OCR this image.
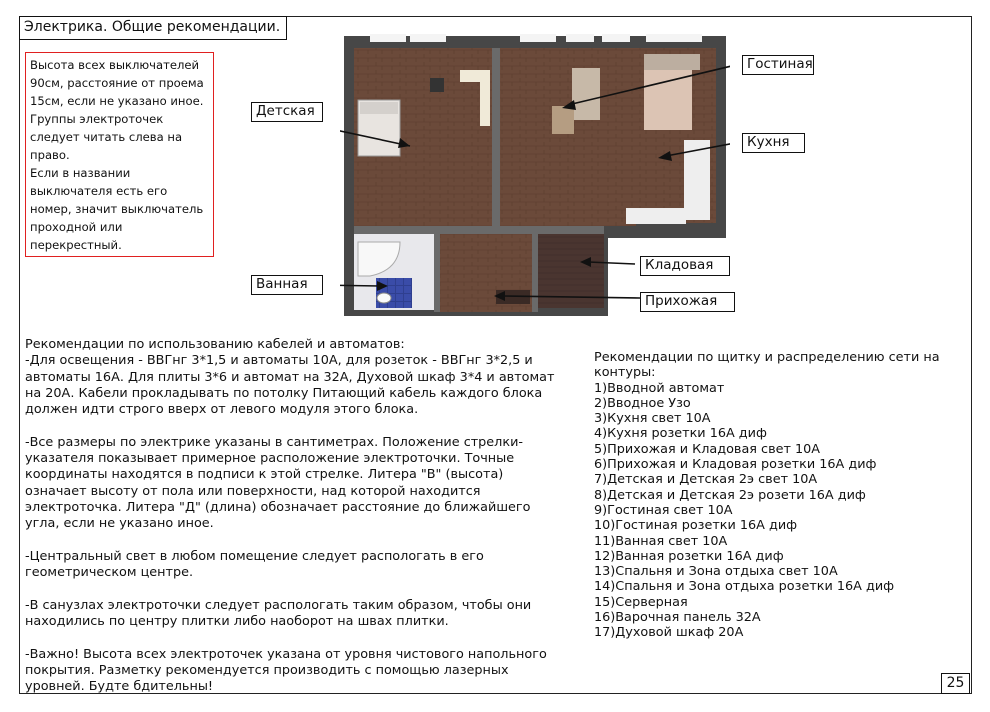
Электрика. Общие рекомендации.
Высота всех выключателей
90см, расстояние от проема
15см, если не указано иное.
Группы электроточек
следует читать слева на
право.
Если в названии
выключателя есть его
номер, значит выключатель
проходной или
перекрестный.
Гостиная
Детская
Кухня
Кладовая
Ванная
Прихожая
Рекомендации по использованию кабелей и автоматов:
-Для освещения - ВВГнг 3*1,5 и автоматы 10А, для розеток - ВВГнг 3*2,5 и
автоматы 16А. Для плиты 3*6 и автомат на 32А, Духовой шкаф 3*4 и автомат
на 20А. Кабели прокладывать по потолку Питающий кабель каждого блока
должен идти строго вверх от левого модуля этого блока.
-Все размеры по электрике указаны в сантиметрах. Положение стрелки-
указателя показывает примерное расположение электроточки. Точные
координаты находятся в подписи к этой стрелке. Литера "В" (высота)
означает высоту от пола или поверхности, над которой находится
электроточка. Литера "Д" (длина) обозначает расстояние до ближайшего
угла, если не указано иное.
-Центральный свет в любом помещение следует распологать в его
геометрическом центре.
-В санузлах электроточки следует распологать таким образом, чтобы они
находились по центру плитки либо наоборот на швах плитки.
-Важно! Высота всех электроточек указана от уровня чистового напольного
покрытия. Разметку рекомендуется производить с помощью лазерных
уровней. Будте бдительны!
Рекомендации по щитку и распределению сети на
контуры:
1)Вводной автомат
2)Вводное Узо
3)Кухня свет 10А
4)Кухня розетки 16А диф
5)Прихожая и Кладовая свет 10А
6)Прихожая и Кладовая розетки 16А диф
7)Детская и Детская 2э свет 10А
8)Детская и Детская 2э розети 16А диф
9)Гостиная свет 10А
10)Гостиная розетки 16А диф
11)Ванная свет 10А
12)Ванная розетки 16А диф
13)Спальня и Зона отдыха свет 10А
14)Спальня и Зона отдыха розетки 16А диф
15)Серверная
16)Варочная панель 32А
17)Духовой шкаф 20А
25
